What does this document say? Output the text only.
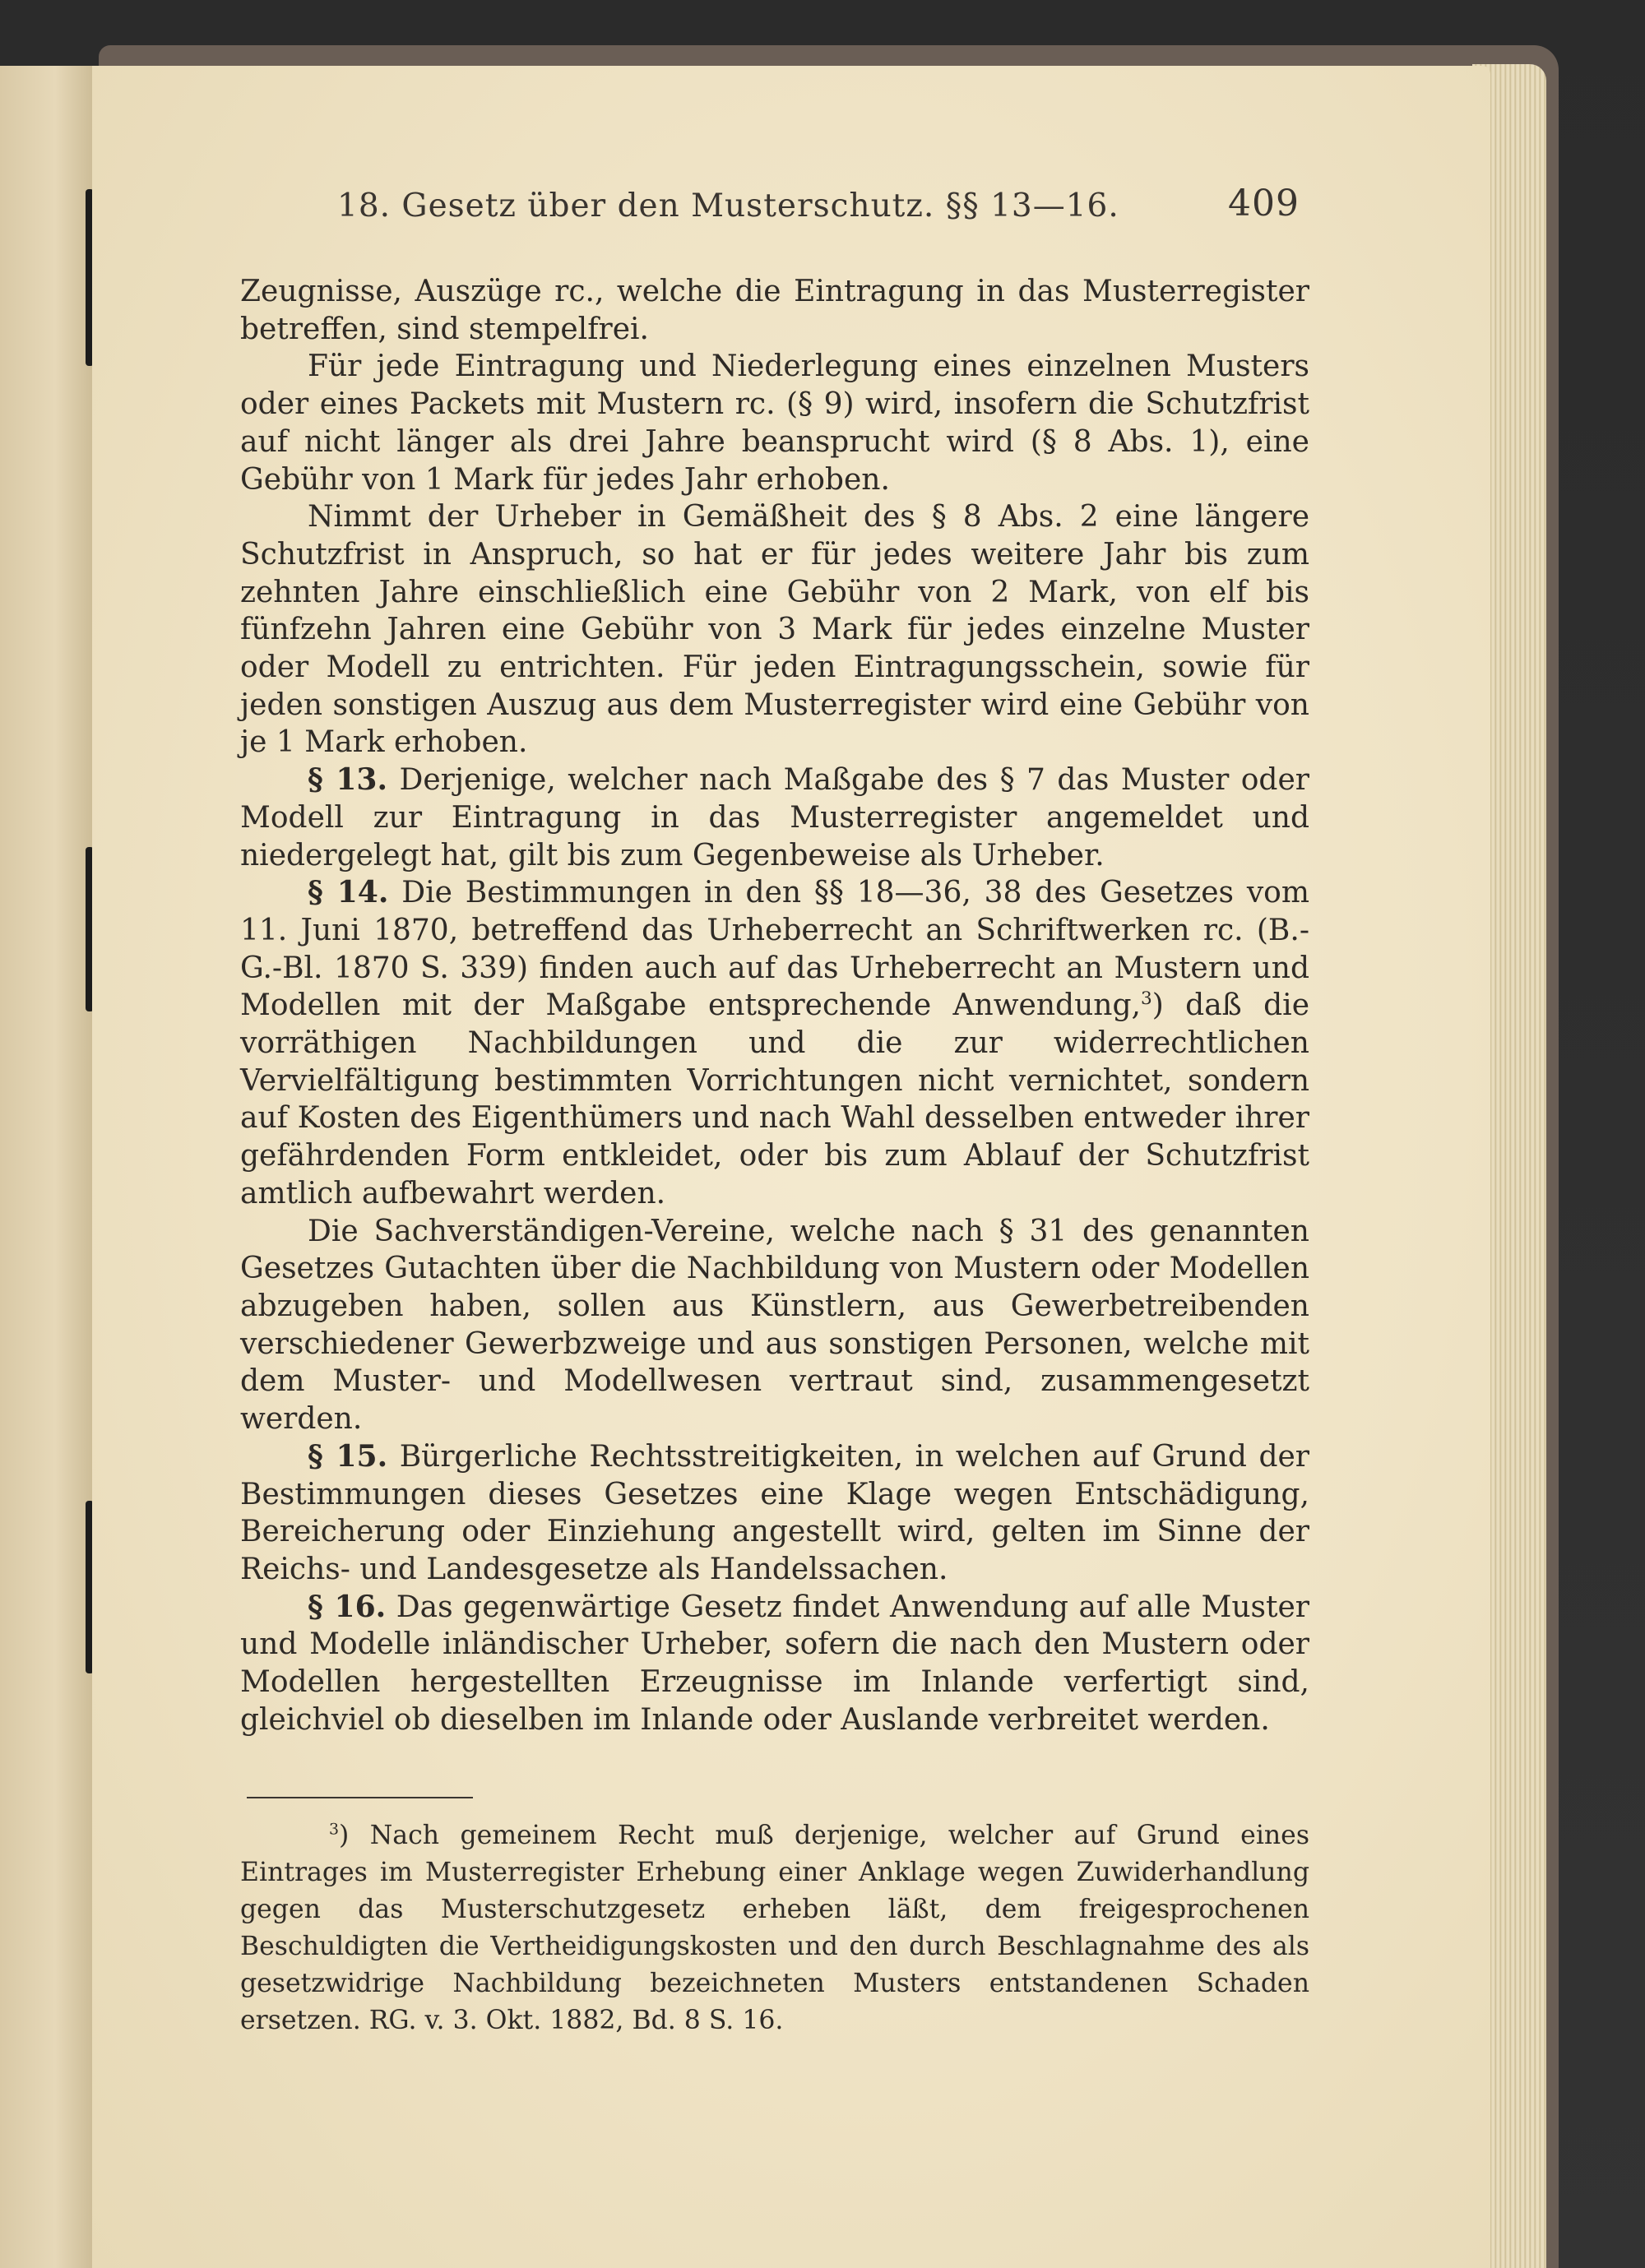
18. Gesetz über den Musterschutz. §§ 13—16.	409

Zeugnisse, Auszüge rc., welche die Eintragung in das Musterregister betreffen, sind stempelfrei.

Für jede Eintragung und Niederlegung eines einzelnen Musters oder eines Packets mit Mustern rc. (§ 9) wird, insofern die Schutzfrist auf nicht länger als drei Jahre beansprucht wird (§ 8 Abs. 1), eine Gebühr von 1 Mark für jedes Jahr erhoben.

Nimmt der Urheber in Gemäßheit des § 8 Abs. 2 eine längere Schutzfrist in Anspruch, so hat er für jedes weitere Jahr bis zum zehnten Jahre einschließlich eine Gebühr von 2 Mark, von elf bis fünfzehn Jahren eine Gebühr von 3 Mark für jedes einzelne Muster oder Modell zu entrichten. Für jeden Eintragungsschein, sowie für jeden sonstigen Auszug aus dem Musterregister wird eine Gebühr von je 1 Mark erhoben.

§ 13. Derjenige, welcher nach Maßgabe des § 7 das Muster oder Modell zur Eintragung in das Musterregister angemeldet und niedergelegt hat, gilt bis zum Gegenbeweise als Urheber.

§ 14. Die Bestimmungen in den §§ 18—36, 38 des Gesetzes vom 11. Juni 1870, betreffend das Urheberrecht an Schriftwerken rc. (B.-G.-Bl. 1870 S. 339) finden auch auf das Urheberrecht an Mustern und Modellen mit der Maßgabe entsprechende Anwendung,$^3$) daß die vorräthigen Nachbildungen und die zur widerrechtlichen Vervielfältigung bestimmten Vorrichtungen nicht vernichtet, sondern auf Kosten des Eigenthümers und nach Wahl desselben entweder ihrer gefährdenden Form entkleidet, oder bis zum Ablauf der Schutzfrist amtlich aufbewahrt werden.

Die Sachverständigen-Vereine, welche nach § 31 des genannten Gesetzes Gutachten über die Nachbildung von Mustern oder Modellen abzugeben haben, sollen aus Künstlern, aus Gewerbetreibenden verschiedener Gewerbzweige und aus sonstigen Personen, welche mit dem Muster- und Modellwesen vertraut sind, zusammengesetzt werden.

§ 15. Bürgerliche Rechtsstreitigkeiten, in welchen auf Grund der Bestimmungen dieses Gesetzes eine Klage wegen Entschädigung, Bereicherung oder Einziehung angestellt wird, gelten im Sinne der Reichs- und Landesgesetze als Handelssachen.

§ 16. Das gegenwärtige Gesetz findet Anwendung auf alle Muster und Modelle inländischer Urheber, sofern die nach den Mustern oder Modellen hergestellten Erzeugnisse im Inlande verfertigt sind, gleichviel ob dieselben im Inlande oder Auslande verbreitet werden.

$^3$) Nach gemeinem Recht muß derjenige, welcher auf Grund eines Eintrages im Musterregister Erhebung einer Anklage wegen Zuwiderhandlung gegen das Musterschutzgesetz erheben läßt, dem freigesprochenen Beschuldigten die Vertheidigungskosten und den durch Beschlagnahme des als gesetzwidrige Nachbildung bezeichneten Musters entstandenen Schaden ersetzen. RG. v. 3. Okt. 1882, Bd. 8 S. 16.
